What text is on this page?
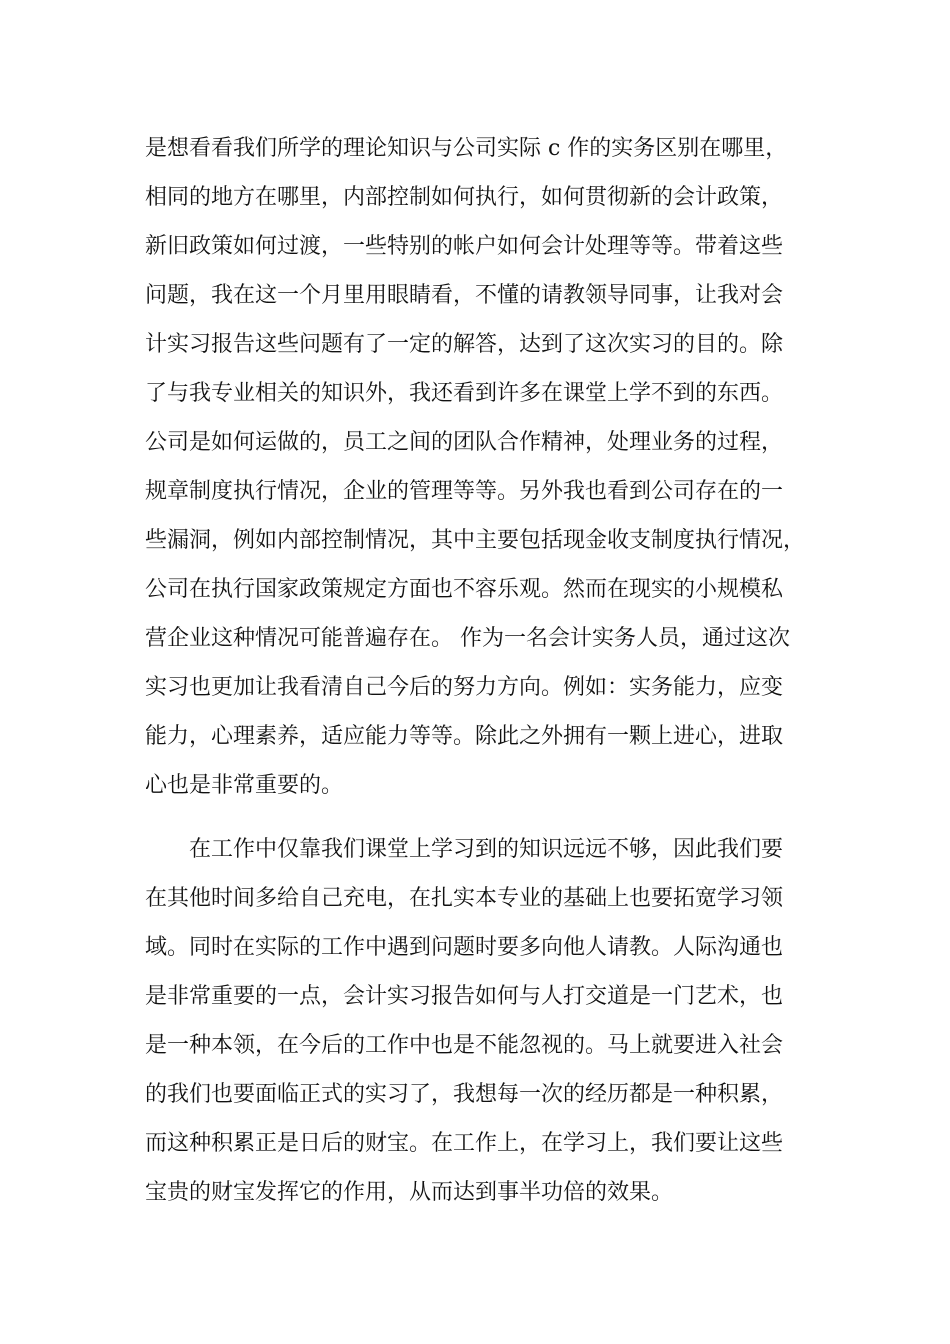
是想看看我们所学的理论知识与公司实际 c 作的实务区别在哪里，
相同的地方在哪里，内部控制如何执行，如何贯彻新的会计政策，
新旧政策如何过渡，一些特别的帐户如何会计处理等等。带着这些
问题，我在这一个月里用眼睛看，不懂的请教领导同事，让我对会
计实习报告这些问题有了一定的解答，达到了这次实习的目的。除
了与我专业相关的知识外，我还看到许多在课堂上学不到的东西。
公司是如何运做的，员工之间的团队合作精神，处理业务的过程，
规章制度执行情况，企业的管理等等。另外我也看到公司存在的一
些漏洞，例如内部控制情况，其中主要包括现金收支制度执行情况，
公司在执行国家政策规定方面也不容乐观。然而在现实的小规模私
营企业这种情况可能普遍存在。 作为一名会计实务人员，通过这次
实习也更加让我看清自己今后的努力方向。例如：实务能力，应变
能力，心理素养，适应能力等等。除此之外拥有一颗上进心，进取
心也是非常重要的。
　　在工作中仅靠我们课堂上学习到的知识远远不够，因此我们要
在其他时间多给自己充电，在扎实本专业的基础上也要拓宽学习领
域。同时在实际的工作中遇到问题时要多向他人请教。人际沟通也
是非常重要的一点，会计实习报告如何与人打交道是一门艺术，也
是一种本领，在今后的工作中也是不能忽视的。马上就要进入社会
的我们也要面临正式的实习了，我想每一次的经历都是一种积累，
而这种积累正是日后的财宝。在工作上，在学习上，我们要让这些
宝贵的财宝发挥它的作用，从而达到事半功倍的效果。
